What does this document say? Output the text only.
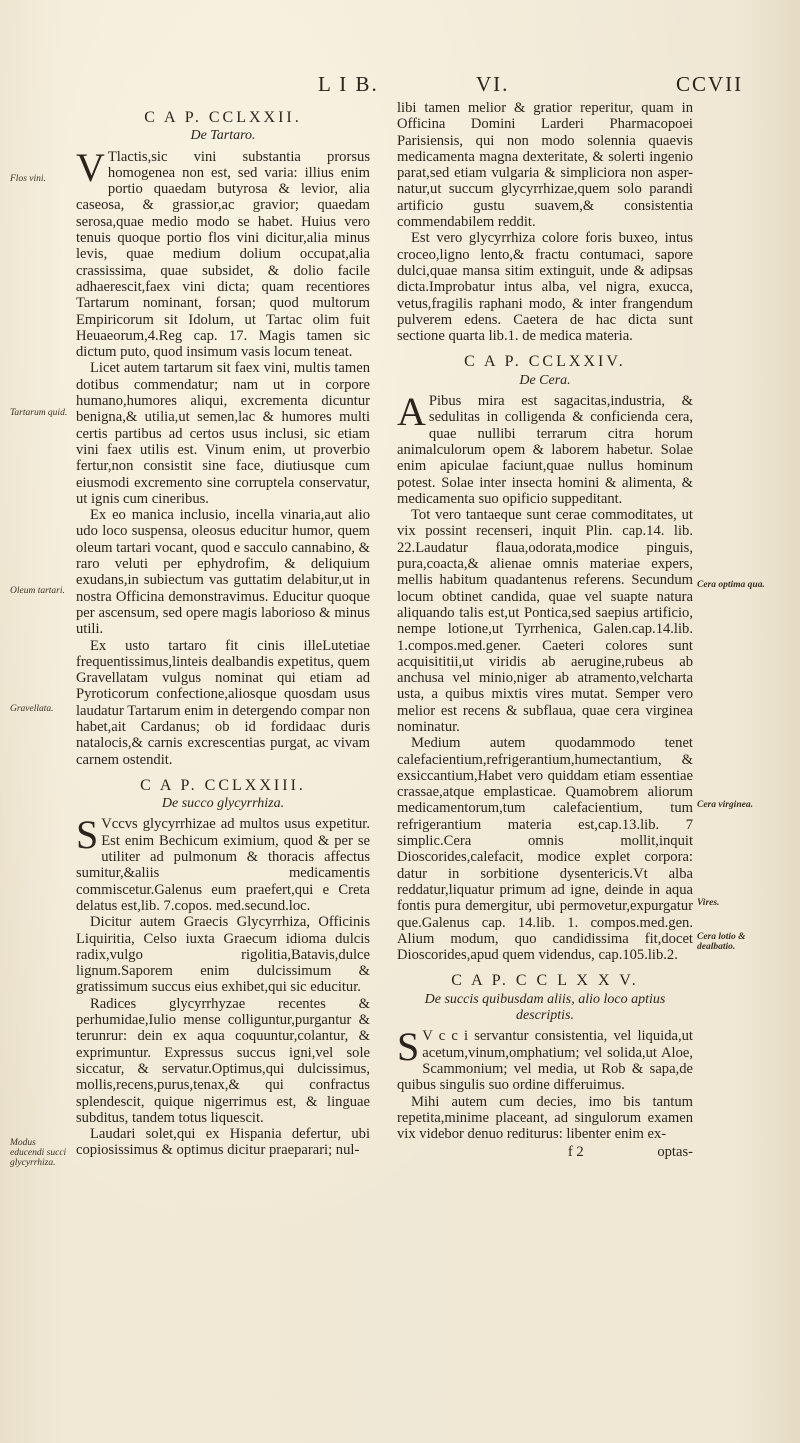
L I B.	VI.	CCVII
Flos vini.
Tartarum quid.
Oleum tartari.
Gravellata.
Modus educendi succi glycyrrhiza.
Cera optima qua.
Cera virginea.
Vires.
Cera lotio & dealbatio.
C A P. CCLXXII.
De Tartaro.

V Tlactis,sic vini substantia prorsus homogenea non est, sed varia: illius enim portio quaedam butyrosa & levior, alia caseosa, & grassior,ac gravior; quaedam serosa,quae medio modo se habet. Huius vero tenuis quoque portio flos vini dicitur,alia minus levis, quae medium dolium occupat,alia crassissima, quae subsidet, & dolio facile adhaerescit,faex vini dicta; quam recentiores Tartarum nominant, forsan; quod multorum Empiricorum sit Idolum, ut Tartac olim fuit Heuaeorum,4.Reg cap. 17. Magis tamen sic dictum puto, quod insimum vasis locum teneat.

Licet autem tartarum sit faex vini, multis tamen dotibus commendatur; nam ut in corpore humano,humores aliqui, excrementa dicuntur benigna,& utilia,ut semen,lac & humores multi certis partibus ad certos usus inclusi, sic etiam vini faex utilis est. Vinum enim, ut proverbio fertur,non consistit sine face, diutiusque cum eiusmodi excremento sine corruptela conservatur, ut ignis cum cineribus.

Ex eo manica inclusio, incella vinaria,aut alio udo loco suspensa, oleosus educitur humor, quem oleum tartari vocant, quod e sacculo cannabino, & raro veluti per ephydrofim, & deliquium exudans,in subiectum vas guttatim delabitur,ut in nostra Officina demonstravimus. Educitur quoque per ascensum, sed opere magis laborioso & minus utili.

Ex usto tartaro fit cinis illeLutetiae frequentissimus,linteis dealbandis expetitus, quem Gravellatam vulgus nominat qui etiam ad Pyroticorum confectione,aliosque quosdam usus laudatur Tartarum enim in detergendo compar non habet,ait Cardanus; ob id fordidaac duris natalocis,& carnis excrescentias purgat, ac vivam carnem ostendit.

C A P. CCLXXIII.
De succo glycyrrhiza.

S Vccvs glycyrrhizae ad multos usus expetitur. Est enim Bechicum eximium, quod & per se utiliter ad pulmonum & thoracis affectus sumitur,&aliis medicamentis commiscetur.Galenus eum praefert,qui e Creta delatus est,lib. 7.copos. med.secund.loc.

Dicitur autem Graecis Glycyrrhiza, Officinis Liquiritia, Celso iuxta Graecum idioma dulcis radix,vulgo rigolitia,Batavis,dulce lignum.Saporem enim dulcissimum & gratissimum succus eius exhibet,qui sic educitur.

Radices glycyrrhyzae recentes & perhumidae,Iulio mense colliguntur,purgantur & terunrur: dein ex aqua coquuntur,colantur, & exprimuntur. Expressus succus igni,vel sole siccatur, & servatur.Optimus,qui dulcissimus, mollis,recens,purus,tenax,& qui confractus splendescit, quique nigerrimus est, & linguae subditus, tandem totus liquescit.

Laudari solet,qui ex Hispania defertur, ubi copiosissimus & optimus dicitur praeparari; nul-

libi tamen melior & gratior reperitur, quam in Officina Domini Larderi Pharmacopoei Parisiensis, qui non modo solennia quaevis medicamenta magna dexteritate, & solerti ingenio parat,sed etiam vulgaria & simpliciora non asper-natur,ut succum glycyrrhizae,quem solo parandi artificio gustu suavem,& consistentia commendabilem reddit.

Est vero glycyrrhiza colore foris buxeo, intus croceo,ligno lento,& fractu contumaci, sapore dulci,quae mansa sitim extinguit, unde & adipsas dicta.Improbatur intus alba, vel nigra, exucca, vetus,fragilis raphani modo, & inter frangendum pulverem edens. Caetera de hac dicta sunt sectione quarta lib.1. de medica materia.

C A P. CCLXXIV.
De Cera.

A Pibus mira est sagacitas,industria, & sedulitas in colligenda & conficienda cera, quae nullibi terrarum citra horum animalculorum opem & laborem habetur. Solae enim apiculae faciunt,quae nullus hominum potest. Solae inter insecta homini & alimenta, & medicamenta suo opificio suppeditant.

Tot vero tantaeque sunt cerae commoditates, ut vix possint recenseri, inquit Plin. cap.14. lib. 22.Laudatur flaua,odorata,modice pinguis, pura,coacta,& alienae omnis materiae expers, mellis habitum quadantenus referens. Secundum locum obtinet candida, quae vel suapte natura aliquando talis est,ut Pontica,sed saepius artificio, nempe lotione,ut Tyrrhenica, Galen.cap.14.lib. 1.compos.med.gener. Caeteri colores sunt acquisititii,ut viridis ab aerugine,rubeus ab anchusa vel minio,niger ab atramento,velcharta usta, a quibus mixtis vires mutat. Semper vero melior est recens & subflaua, quae cera virginea nominatur.

Medium autem quodammodo tenet calefacientium,refrigerantium,humectantium, & exsiccantium,Habet vero quiddam etiam essentiae crassae,atque emplasticae. Quamobrem aliorum medicamentorum,tum calefacientium, tum refrigerantium materia est,cap.13.lib. 7 simplic.Cera omnis mollit,inquit Dioscorides,calefacit, modice explet corpora: datur in sorbitione dysentericis.Vt alba reddatur,liquatur primum ad igne, deinde in aqua fontis pura demergitur, ubi permovetur,expurgatur que.Galenus cap. 14.lib. 1. compos.med.gen. Alium modum, quo candidissima fit,docet Dioscorides,apud quem videndus, cap.105.lib.2.

C A P. C C L X X V.
De succis quibusdam aliis, alio loco aptius descriptis.

S V c c i servantur consistentia, vel liquida,ut acetum,vinum,omphatium; vel solida,ut Aloe, Scammonium; vel media, ut Rob & sapa,de quibus singulis suo ordine differuimus.

Mihi autem cum decies, imo bis tantum repetita,minime placeant, ad singulorum examen vix videbor denuo rediturus: libenter enim ex-

f 2	optas-
